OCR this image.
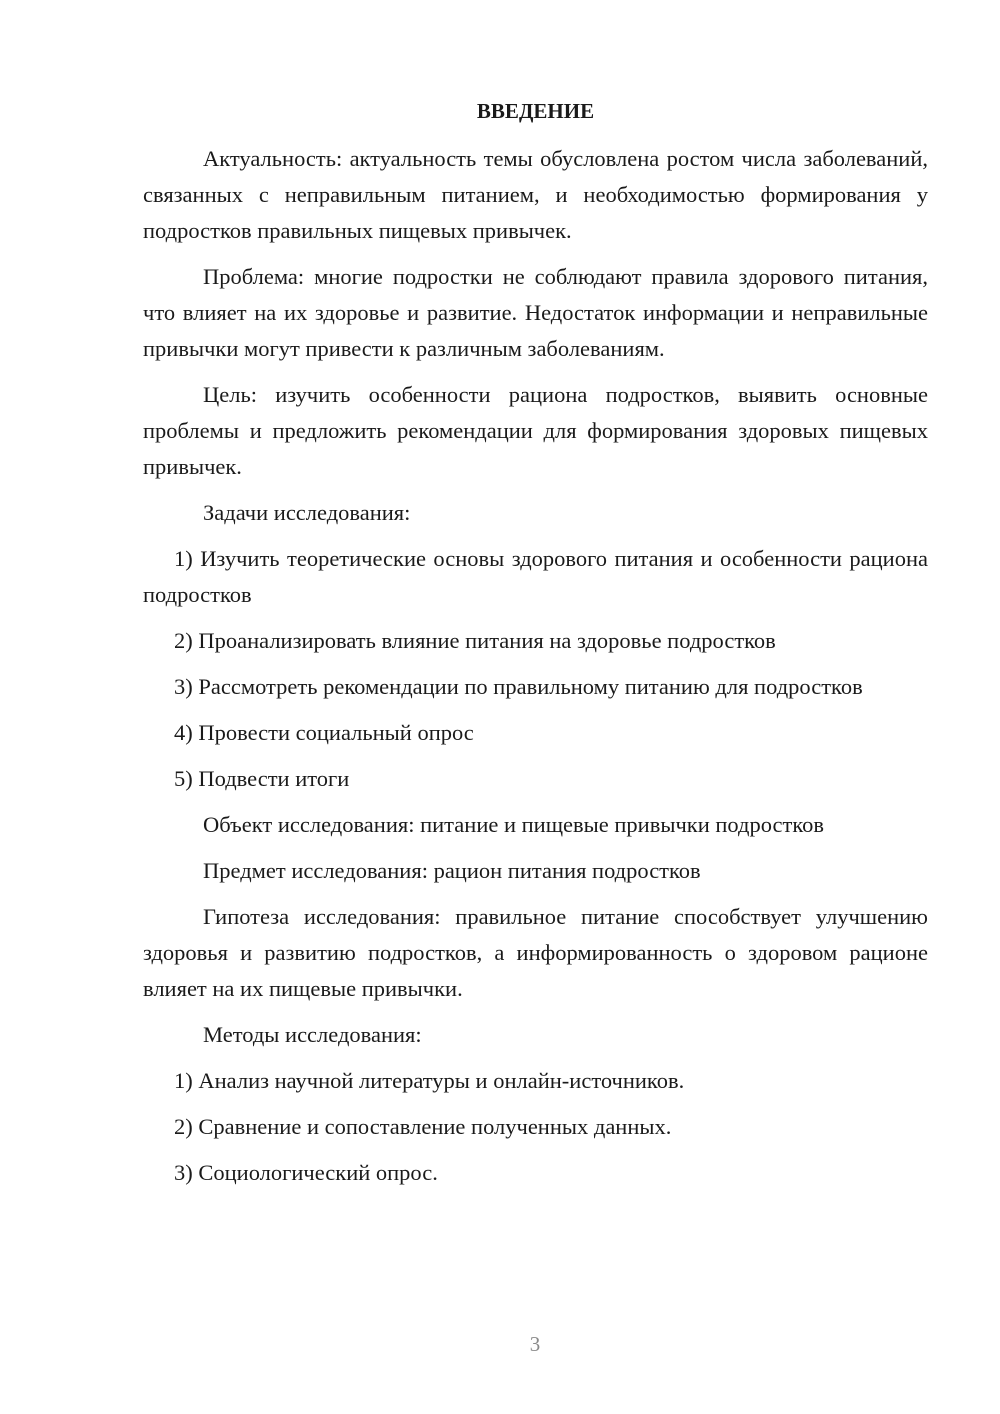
ВВЕДЕНИЕ

Актуальность: актуальность темы обусловлена ростом числа заболеваний, связанных с неправильным питанием, и необходимостью формирования у подростков правильных пищевых привычек.

Проблема: многие подростки не соблюдают правила здорового питания, что влияет на их здоровье и развитие. Недостаток информации и неправильные привычки могут привести к различным заболеваниям.

Цель: изучить особенности рациона подростков, выявить основные проблемы и предложить рекомендации для формирования здоровых пищевых привычек.

Задачи исследования:

1) Изучить теоретические основы здорового питания и особенности рациона подростков

2) Проанализировать влияние питания на здоровье подростков

3) Рассмотреть рекомендации по правильному питанию для подростков

4) Провести социальный опрос

5) Подвести итоги

Объект исследования: питание и пищевые привычки подростков

Предмет исследования: рацион питания подростков

Гипотеза исследования: правильное питание способствует улучшению здоровья и развитию подростков, а информированность о здоровом рационе влияет на их пищевые привычки.

Методы исследования:

1) Анализ научной литературы и онлайн-источников.

2) Сравнение и сопоставление полученных данных.

3) Социологический опрос.

3
